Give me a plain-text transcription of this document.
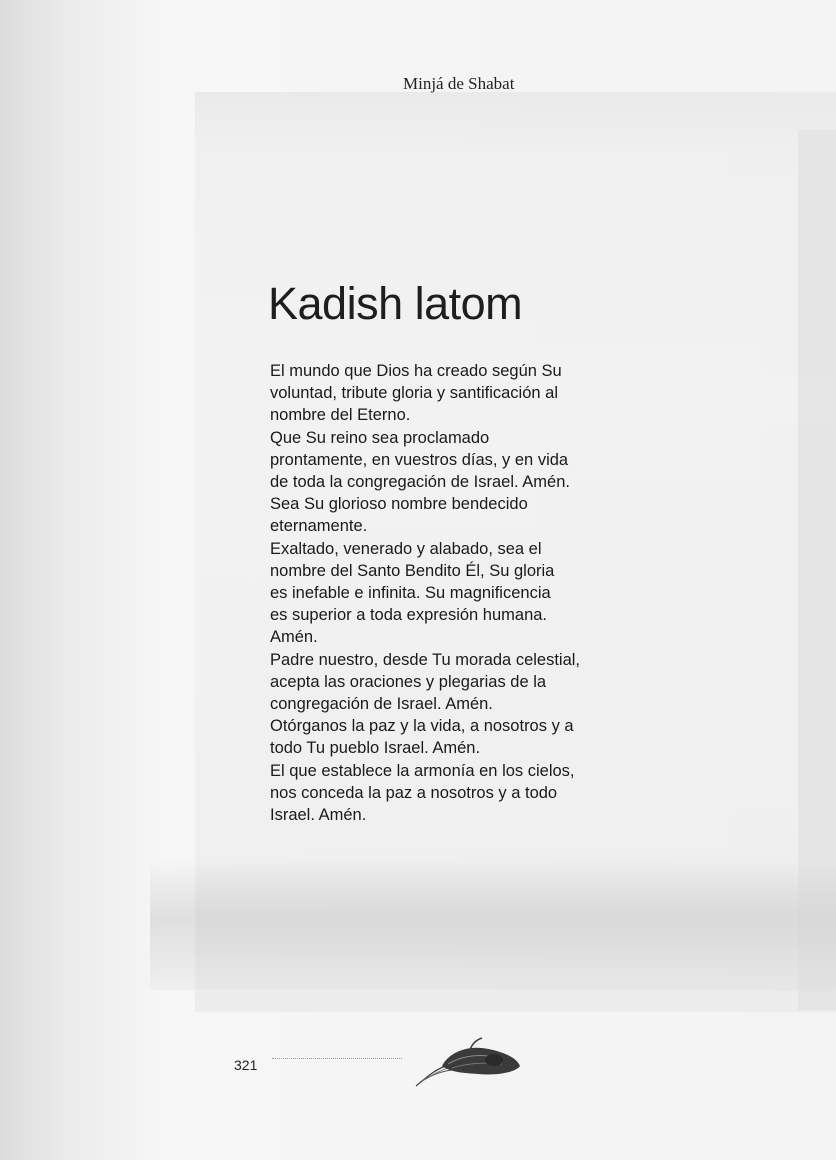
Minjá de Shabat
Kadish latom

El mundo que Dios ha creado según Su
voluntad, tribute gloria y santificación al
nombre del Eterno.
Que Su reino sea proclamado
prontamente, en vuestros días, y en vida
de toda la congregación de Israel. Amén.
Sea Su glorioso nombre bendecido
eternamente.
Exaltado, venerado y alabado, sea el
nombre del Santo Bendito Él, Su gloria
es inefable e infinita. Su magnificencia
es superior a toda expresión humana.
Amén.
Padre nuestro, desde Tu morada celestial,
acepta las oraciones y plegarias de la
congregación de Israel. Amén.
Otórganos la paz y la vida, a nosotros y a
todo Tu pueblo Israel. Amén.
El que establece la armonía en los cielos,
nos conceda la paz a nosotros y a todo
Israel. Amén.

321
